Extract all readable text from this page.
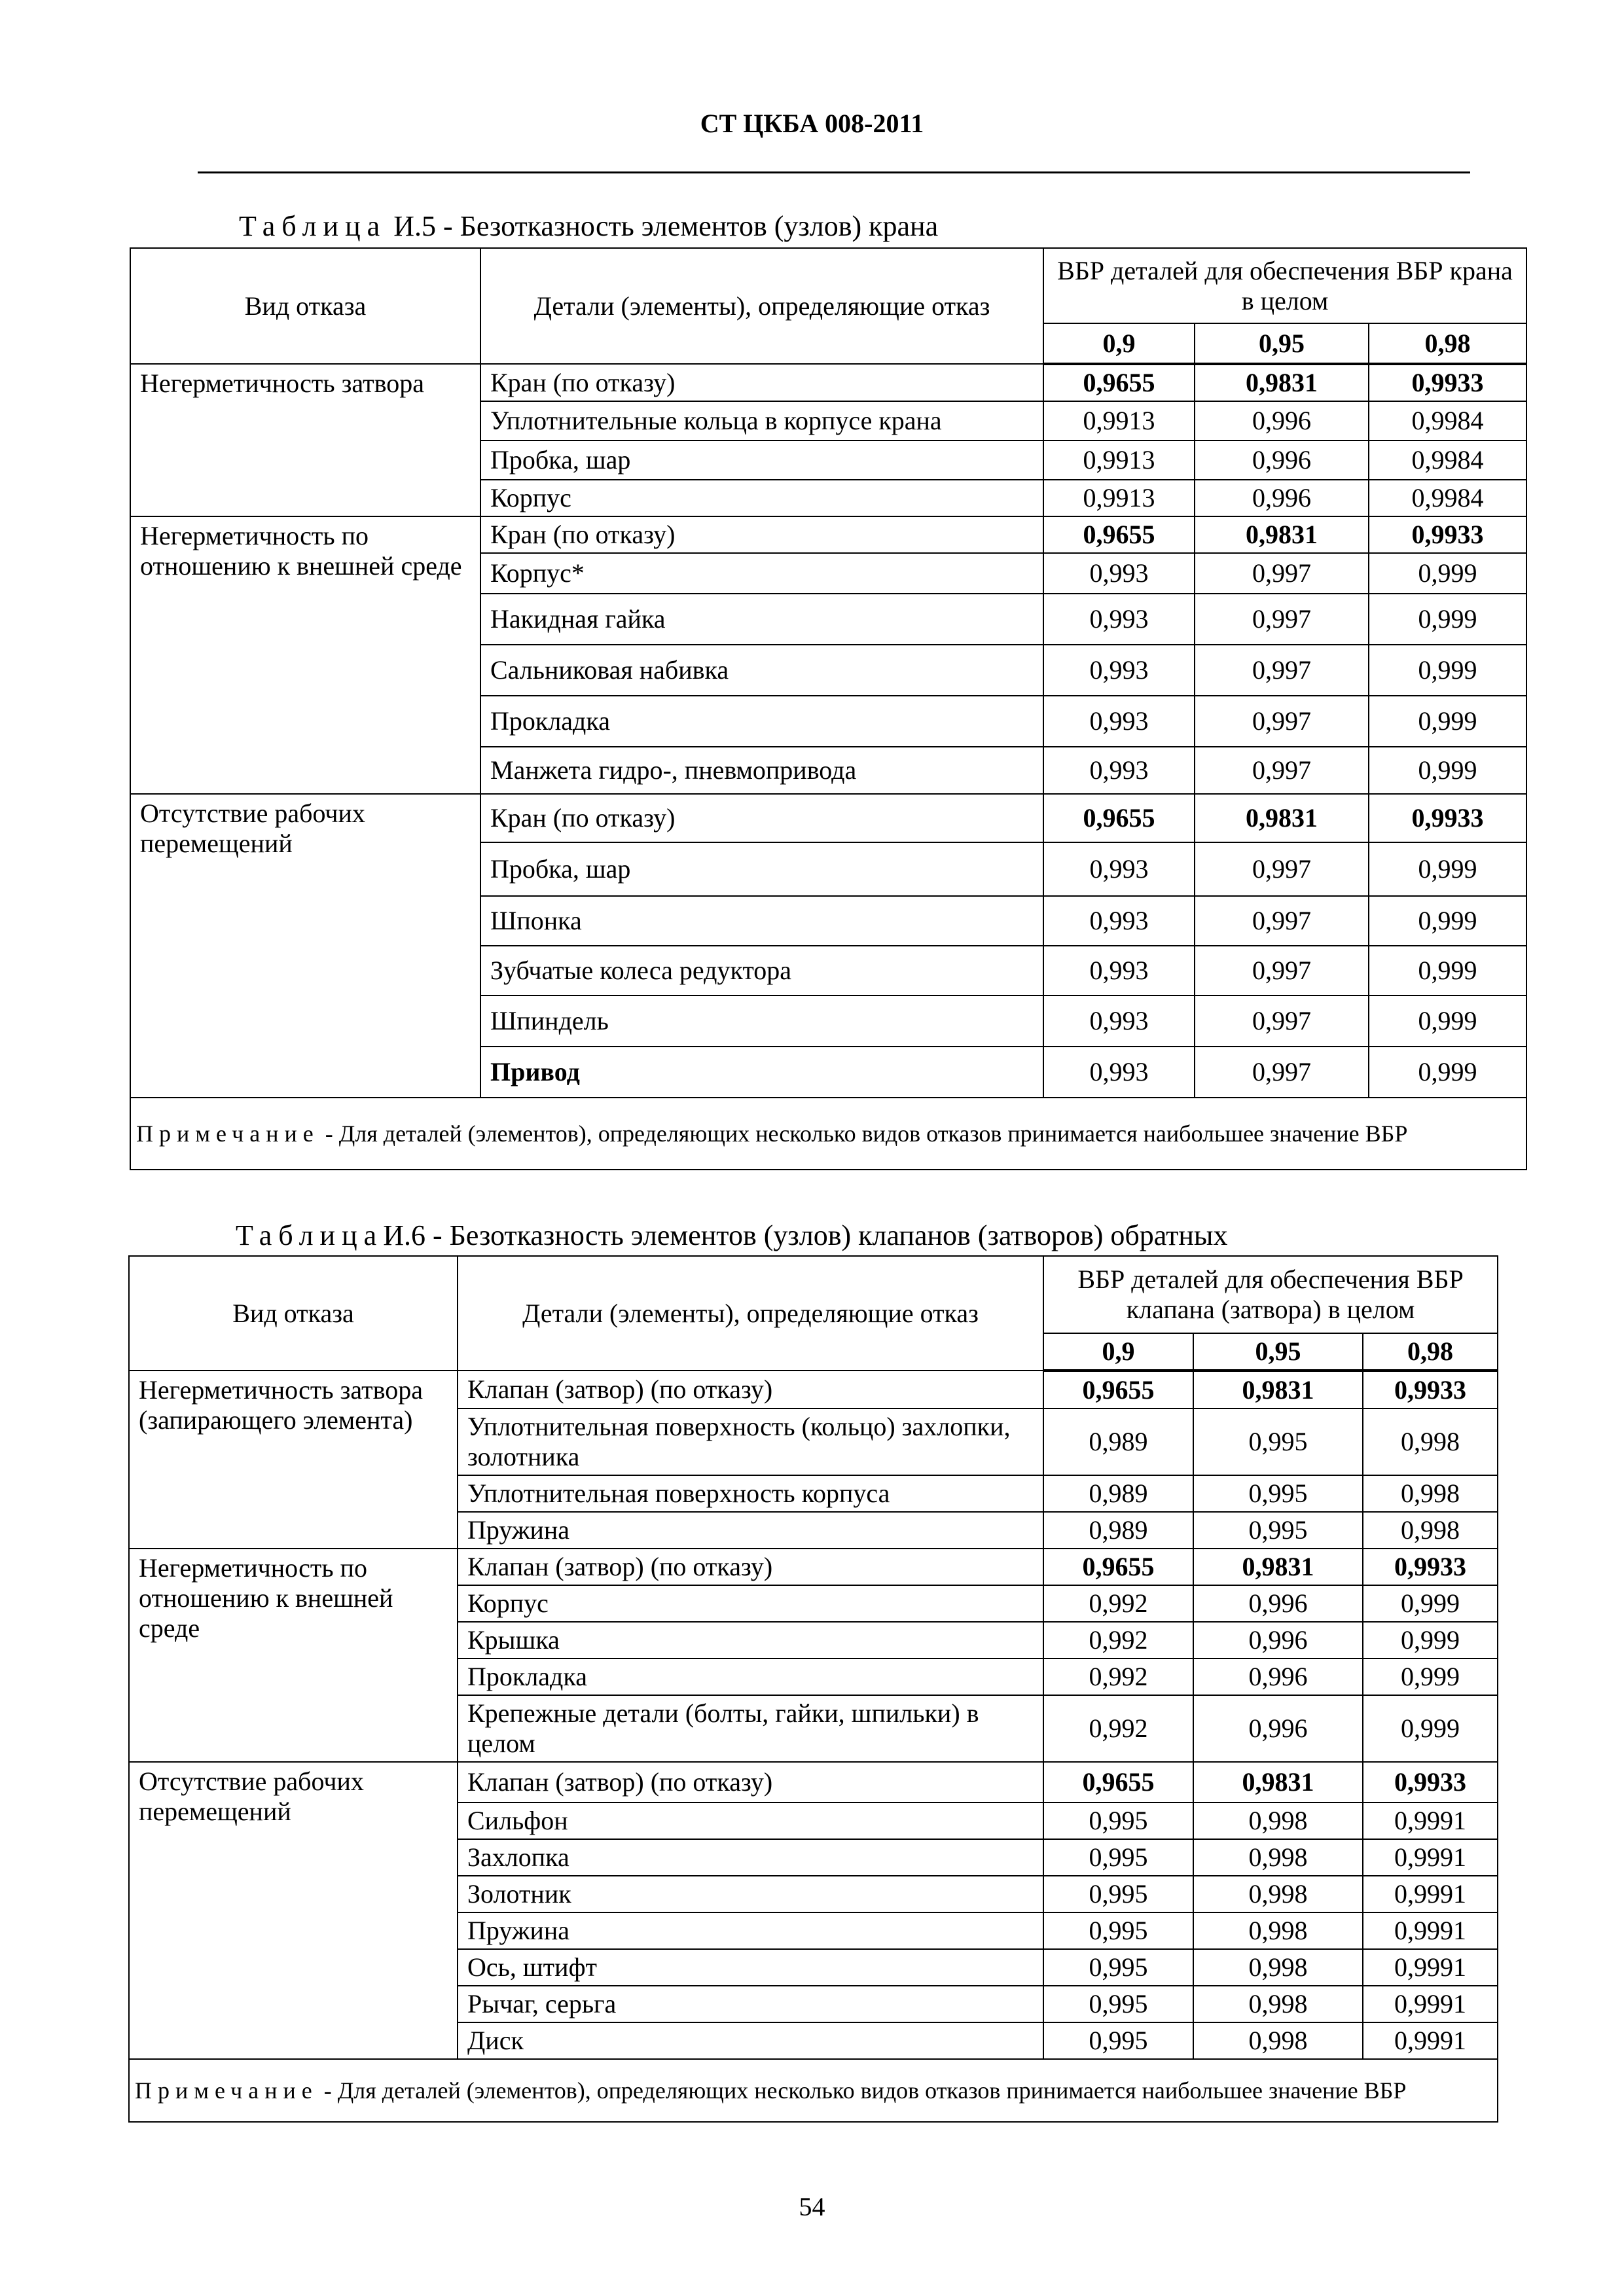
СТ ЦКБА 008-2011
Таблица И.5 - Безотказность элементов (узлов) крана
Вид отказа	Детали (элементы), определяющие отказ	ВБР деталей для обеспечения ВБР крана в целом		
		0,9	0,95	0,98
Негерметичность затвора	Кран (по отказу)	0,9655	0,9831	0,9933
	Уплотнительные кольца в корпусе крана	0,9913	0,996	0,9984
	Пробка, шар	0,9913	0,996	0,9984
	Корпус	0,9913	0,996	0,9984
Негерметичность по отношению к внешней среде	Кран (по отказу)	0,9655	0,9831	0,9933
	Корпус*	0,993	0,997	0,999
	Накидная гайка	0,993	0,997	0,999
	Сальниковая набивка	0,993	0,997	0,999
	Прокладка	0,993	0,997	0,999
	Манжета гидро-, пневмопривода	0,993	0,997	0,999
Отсутствие рабочих перемещений	Кран (по отказу)	0,9655	0,9831	0,9933
	Пробка, шар	0,993	0,997	0,999
	Шпонка	0,993	0,997	0,999
	Зубчатые колеса редуктора	0,993	0,997	0,999
	Шпиндель	0,993	0,997	0,999
	Привод	0,993	0,997	0,999
Примечание - Для деталей (элементов), определяющих несколько видов отказов принимается наибольшее значение ВБР				
ТаблицаИ.6 - Безотказность элементов (узлов) клапанов (затворов) обратных
Вид отказа	Детали (элементы), определяющие отказ	ВБР деталей для обеспечения ВБР клапана (затвора) в целом		
		0,9	0,95	0,98
Негерметичность затвора (запирающего элемента)	Клапан (затвор) (по отказу)	0,9655	0,9831	0,9933
	Уплотнительная поверхность (кольцо) захлопки, золотника	0,989	0,995	0,998
	Уплотнительная поверхность корпуса	0,989	0,995	0,998
	Пружина	0,989	0,995	0,998
Негерметичность по отношению к внешней среде	Клапан (затвор) (по отказу)	0,9655	0,9831	0,9933
	Корпус	0,992	0,996	0,999
	Крышка	0,992	0,996	0,999
	Прокладка	0,992	0,996	0,999
	Крепежные детали (болты, гайки, шпильки) в целом	0,992	0,996	0,999
Отсутствие рабочих перемещений	Клапан (затвор) (по отказу)	0,9655	0,9831	0,9933
	Сильфон	0,995	0,998	0,9991
	Захлопка	0,995	0,998	0,9991
	Золотник	0,995	0,998	0,9991
	Пружина	0,995	0,998	0,9991
	Ось, штифт	0,995	0,998	0,9991
	Рычаг, серьга	0,995	0,998	0,9991
	Диск	0,995	0,998	0,9991
Примечание - Для деталей (элементов), определяющих несколько видов отказов принимается наибольшее значение ВБР				
54
